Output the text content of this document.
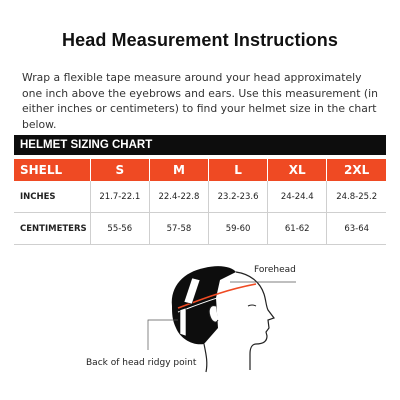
Head Measurement Instructions
Wrap a flexible tape measure around your head approximately one inch above the eyebrows and ears. Use this measurement (in either inches or centimeters) to find your helmet size in the chart below.
HELMET SIZING CHART
SHELL	S	M	L	XL	2XL
INCHES	21.7-22.1	22.4-22.8	23.2-23.6	24-24.4	24.8-25.2
CENTIMETERS	55-56	57-58	59-60	61-62	63-64
Forehead
Back of head ridgy point
